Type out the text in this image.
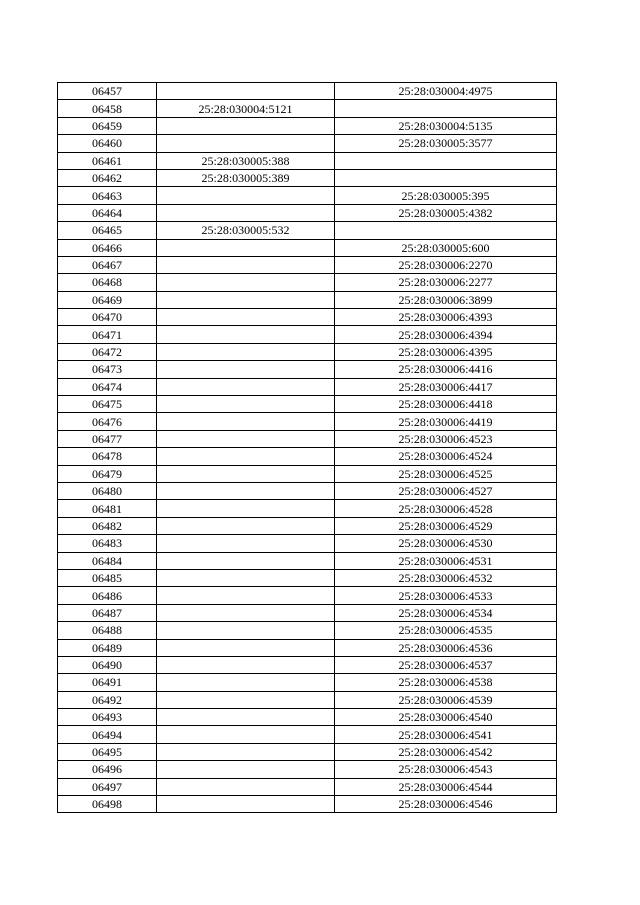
06457		25:28:030004:4975
06458	25:28:030004:5121	
06459		25:28:030004:5135
06460		25:28:030005:3577
06461	25:28:030005:388	
06462	25:28:030005:389	
06463		25:28:030005:395
06464		25:28:030005:4382
06465	25:28:030005:532	
06466		25:28:030005:600
06467		25:28:030006:2270
06468		25:28:030006:2277
06469		25:28:030006:3899
06470		25:28:030006:4393
06471		25:28:030006:4394
06472		25:28:030006:4395
06473		25:28:030006:4416
06474		25:28:030006:4417
06475		25:28:030006:4418
06476		25:28:030006:4419
06477		25:28:030006:4523
06478		25:28:030006:4524
06479		25:28:030006:4525
06480		25:28:030006:4527
06481		25:28:030006:4528
06482		25:28:030006:4529
06483		25:28:030006:4530
06484		25:28:030006:4531
06485		25:28:030006:4532
06486		25:28:030006:4533
06487		25:28:030006:4534
06488		25:28:030006:4535
06489		25:28:030006:4536
06490		25:28:030006:4537
06491		25:28:030006:4538
06492		25:28:030006:4539
06493		25:28:030006:4540
06494		25:28:030006:4541
06495		25:28:030006:4542
06496		25:28:030006:4543
06497		25:28:030006:4544
06498		25:28:030006:4546
